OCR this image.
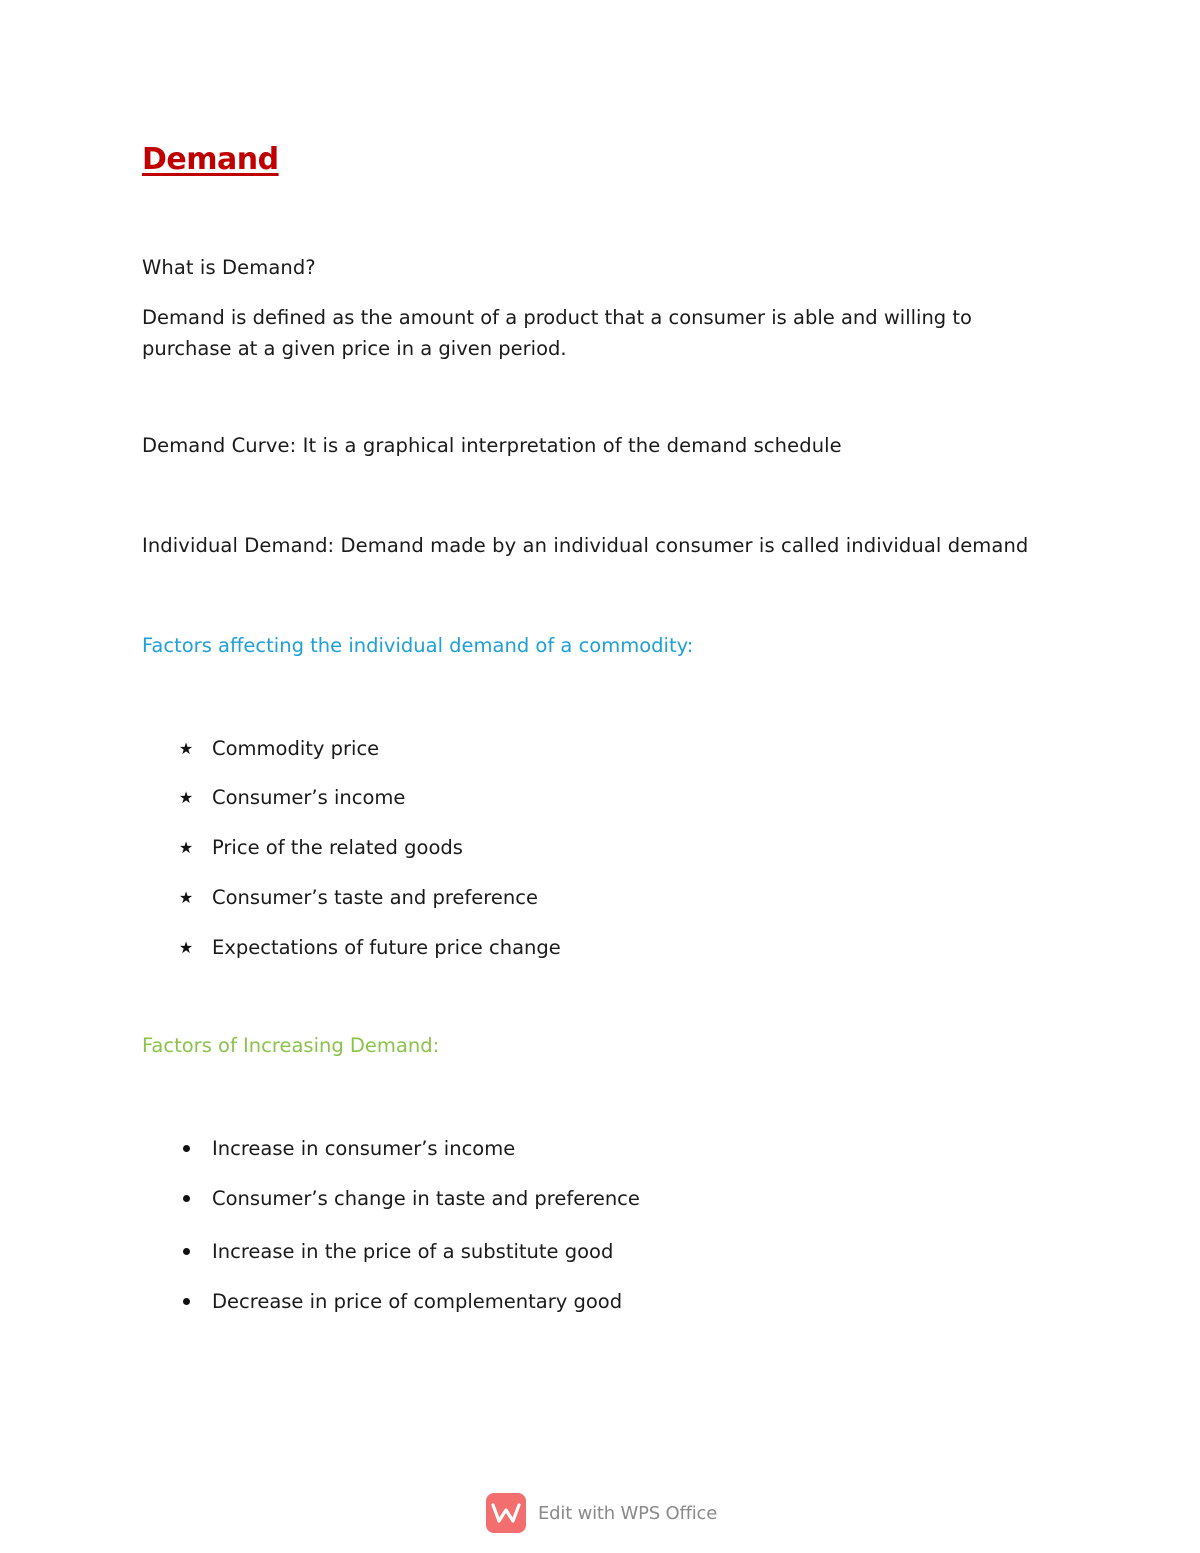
Demand
What is Demand?
Demand is defined as the amount of a product that a consumer is able and willing to purchase at a given price in a given period.
Demand Curve: It is a graphical interpretation of the demand schedule
Individual Demand: Demand made by an individual consumer is called individual demand
Factors affecting the individual demand of a commodity:
★ Commodity price
★ Consumer’s income
★ Price of the related goods
★ Consumer’s taste and preference
★ Expectations of future price change
Factors of Increasing Demand:
Increase in consumer’s income
Consumer’s change in taste and preference
Increase in the price of a substitute good
Decrease in price of complementary good
Edit with WPS Office
